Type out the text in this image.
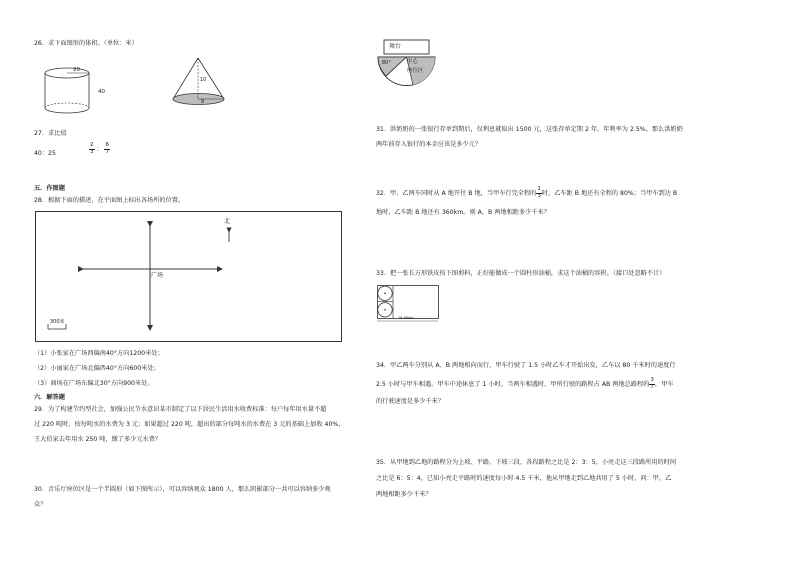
26．求下面图形的体积。（单位：米）
20
40
10
8
27．求比值
40：25	$\frac{2}{3}$ ： $\frac{6}{7}$
五．作图题
28．根据下面的描述，在平面图上标出各场所的位置。
北
广场
300米
（1）小张家在广场西偏南40°方向1200米处；
（2）小丽家在广场北偏西40°方向600米处；
（3）商场在广场东偏北30°方向900米处。
六．解答题
29．为了构建节约型社会，加强公民节水意识某市制定了以下居民生活用水收费标准：每户每年用水量不超
过 220 吨时，按每吨水的水费为 3 元；如果超过 220 吨，超出的部分每吨水的水费在 3 元的基础上加收 40%，
王大伯家去年用水 250 吨，缴了多少元水费？
30．音乐厅座位区是一个半圆形（如下图所示），可以容纳观众 1800 人，那么阴影部分一共可以容纳多少观
众？
舞台
80°	中心
座位区
31．洪奶奶的一张银行存单到期后，仅利息就取出 1500 元，这张存单定期 2 年，年利率为 2.5%。那么洪奶奶
两年前存入银行的本金应该是多少元？
32．甲、乙两车同时从 A 地开往 B 地，当甲车行完全程的 $\frac{1}{3}$ 时，乙车距 B 地还有全程的 80%；当甲车到达 B
地时，乙车距 B 地还有 360km。则 A、B 两地相距多少千米？
33．把一张长方形铁皮按下图剪料，正好能做成一个圆柱形油桶，求这个油桶的容积。（接口处忽略不计）
16.56dm
34．甲乙两车分别从 A、B 两地相向而行，甲车行驶了 1.5 小时乙车才开始出发，乙车以 80 千米时的速度行
2.5 小时与甲车相遇。甲车中途休息了 1 小时，当两车相遇时，甲所行驶的路程占 AB 两地总路程的 $\frac{3}{7}$ ，甲车
的行驶速度是多少千米？
35．从甲地到乙地的路程分为上坡、平路、下坡三段，各段路程之比是 2：3：5，小亮走这三段路所用的时间
之比是 6：5：4，已知小亮走平路时的速度每小时 4.5 千米，他从甲地走到乙地共用了 5 小时。问：甲、乙
两地相距多少千米？
